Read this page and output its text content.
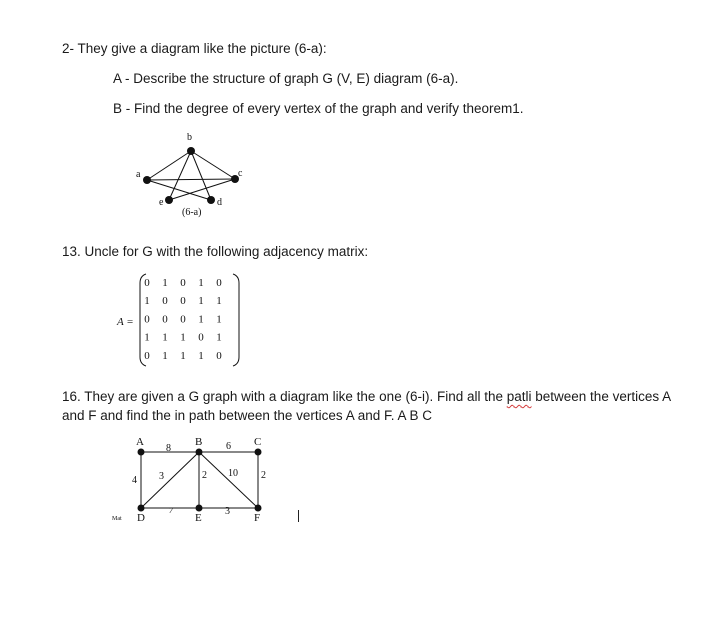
2- They give a diagram like the picture (6-a):
A - Describe the structure of graph G (V, E) diagram (6-a).
B - Find the degree of every vertex of the graph and verify theorem1.
a
b
c
d
e
(6-a)
13. Uncle for G with the following adjacency matrix:
A =
0 1 0 1 0
1 0 0 1 1
0 0 0 1 1
1 1 1 0 1
0 1 1 1 0
16. They are given a G graph with a diagram like the one (6-i). Find all the patli between the vertices A
and F and find the in path between the vertices A and F. A B C
A	B	C
D	E	F
8	6
4 3	2 10 2
7	3
Mat
